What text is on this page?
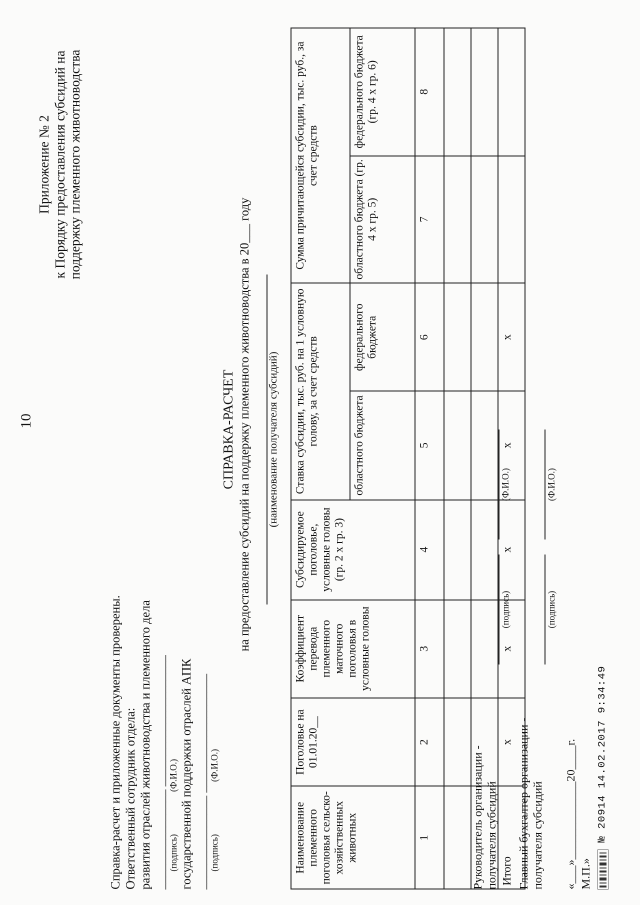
10
Приложение № 2 к Порядку предоставления субсидий на поддержку племенного животноводства
Справка-расчет и приложенные документы проверены. Ответственный сотрудник отдела: развития отраслей животноводства и племенного дела ________________ _____________________ (подпись) (Ф.И.О.) государственной поддержки отраслей АПК _______________ ___________________ (подпись) (Ф.И.О.)
СПРАВКА-РАСЧЕТ на предоставление субсидий на поддержку племенного животноводства в 20___ году (наименование получателя субсидий)
Наименование племенного поголовья сельско-хозяйственных животных	Поголовье на 01.01.20__	Коэффициент перевода племенного маточного поголовья в условные головы	Субсидируемое поголовье, условные головы (гр. 2 х гр. 3)	Ставка субсидии, тыс. руб. на 1 условную голову, за счет средств		Сумма причитающейся субсидии, тыс. руб., за счет средств	
				областного бюджета	федерального бюджета	областного бюджета (гр. 4 х гр. 5)	федерального бюджета (гр. 4 х гр. 6)
1	2	3	4	5	6	7	8

Итого	х	х	х	х	х		
Руководитель организации - получателя субсидий
(подпись)
(Ф.И.О.)
Главный бухгалтер организации - получателя субсидий
(подпись)
(Ф.И.О.)
«___»_____________20____г. М.П.»
№ 20914 14.02.2017 9:34:49
